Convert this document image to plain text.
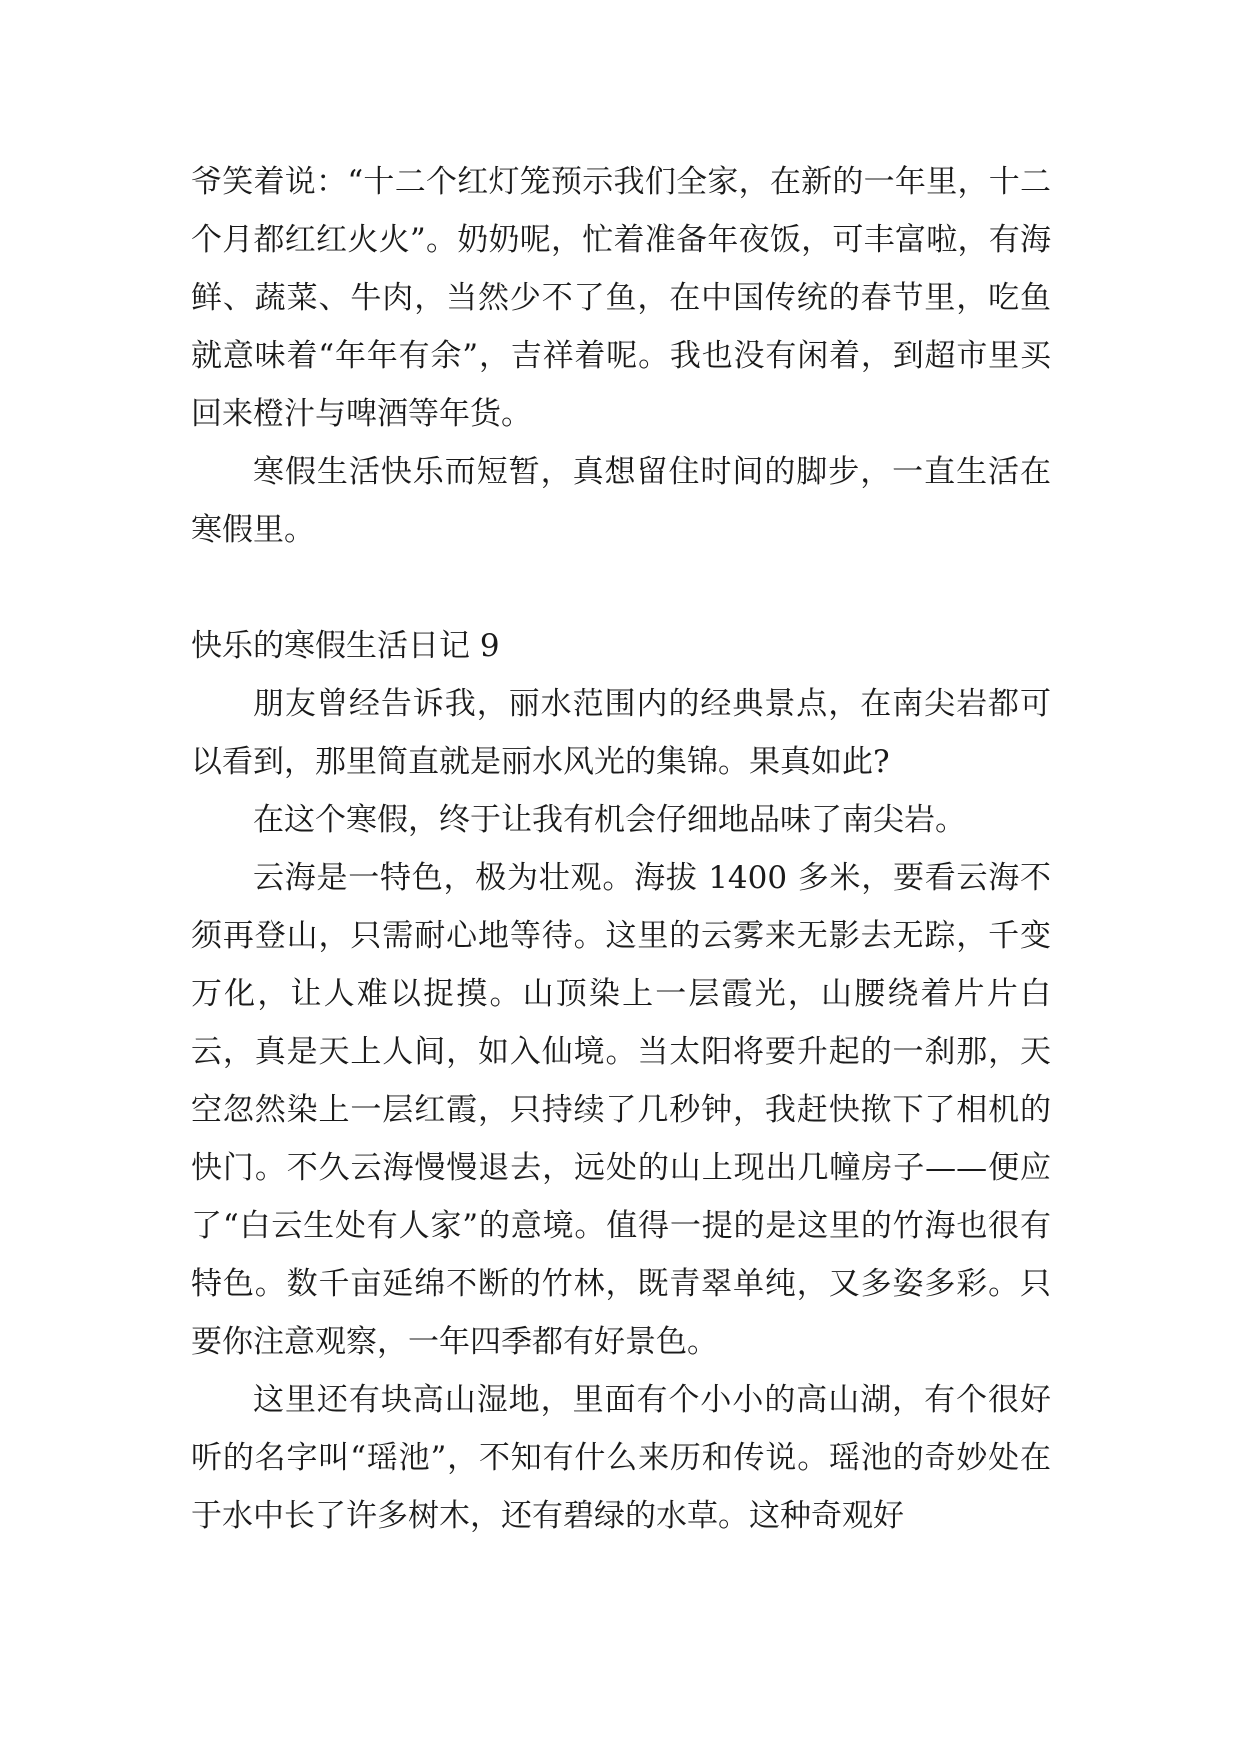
爷笑着说：“十二个红灯笼预示我们全家，在新的一年里，十二个月都红红火火”。奶奶呢，忙着准备年夜饭，可丰富啦，有海鲜、蔬菜、牛肉，当然少不了鱼，在中国传统的春节里，吃鱼就意味着“年年有余”，吉祥着呢。我也没有闲着，到超市里买回来橙汁与啤酒等年货。

寒假生活快乐而短暂，真想留住时间的脚步，一直生活在寒假里。

快乐的寒假生活日记 9

朋友曾经告诉我，丽水范围内的经典景点，在南尖岩都可以看到，那里简直就是丽水风光的集锦。果真如此?

在这个寒假，终于让我有机会仔细地品味了南尖岩。

云海是一特色，极为壮观。海拔 1400 多米，要看云海不须再登山，只需耐心地等待。这里的云雾来无影去无踪，千变万化，让人难以捉摸。山顶染上一层霞光，山腰绕着片片白云，真是天上人间，如入仙境。当太阳将要升起的一刹那，天空忽然染上一层红霞，只持续了几秒钟，我赶快揿下了相机的快门。不久云海慢慢退去，远处的山上现出几幢房子——便应了“白云生处有人家”的意境。值得一提的是这里的竹海也很有特色。数千亩延绵不断的竹林，既青翠单纯，又多姿多彩。只要你注意观察，一年四季都有好景色。

这里还有块高山湿地，里面有个小小的高山湖，有个很好听的名字叫“瑶池”，不知有什么来历和传说。瑶池的奇妙处在于水中长了许多树木，还有碧绿的水草。这种奇观好
